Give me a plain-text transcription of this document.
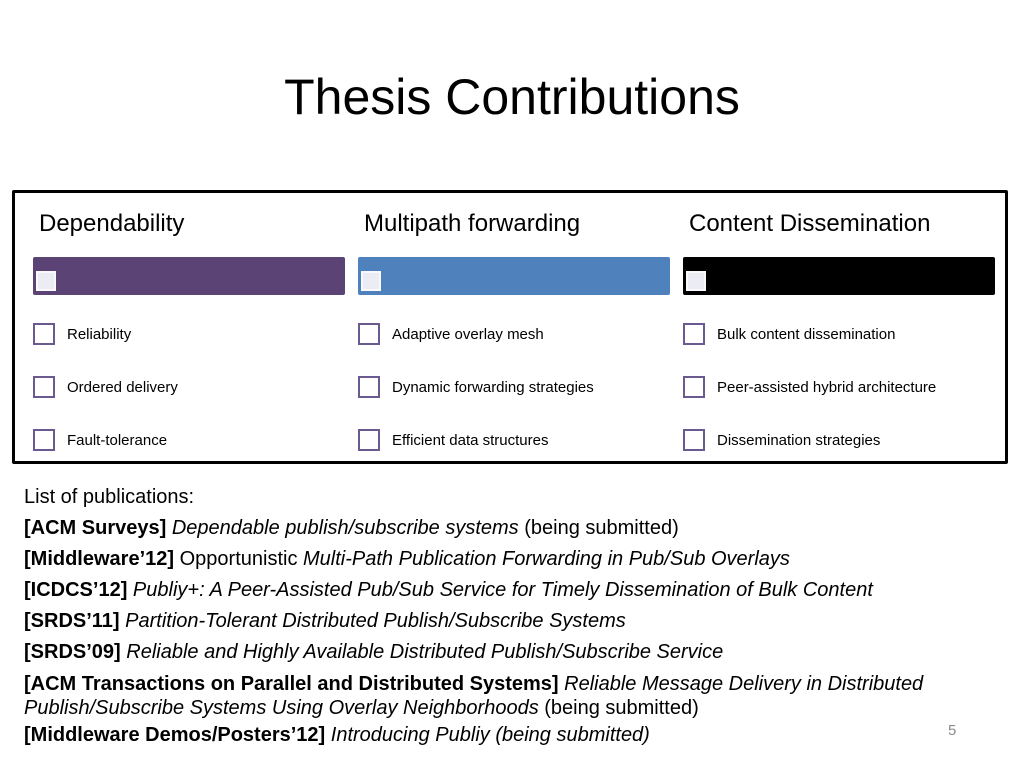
Thesis Contributions
Dependability
Reliability
Ordered delivery
Fault-tolerance
Multipath forwarding
Adaptive overlay mesh
Dynamic forwarding strategies
Efficient data structures
Content Dissemination
Bulk content dissemination
Peer-assisted hybrid architecture
Dissemination strategies
List of publications:
[ACM Surveys] Dependable publish/subscribe systems (being submitted)
[Middleware’12] Opportunistic Multi-Path Publication Forwarding in Pub/Sub Overlays
[ICDCS’12] Publiy+: A Peer-Assisted Pub/Sub Service for Timely Dissemination of Bulk Content
[SRDS’11] Partition-Tolerant Distributed Publish/Subscribe Systems
[SRDS’09] Reliable and Highly Available Distributed Publish/Subscribe Service
[ACM Transactions on Parallel and Distributed Systems] Reliable Message Delivery in Distributed Publish/Subscribe Systems Using Overlay Neighborhoods (being submitted)
[Middleware Demos/Posters’12] Introducing Publiy (being submitted)	5
